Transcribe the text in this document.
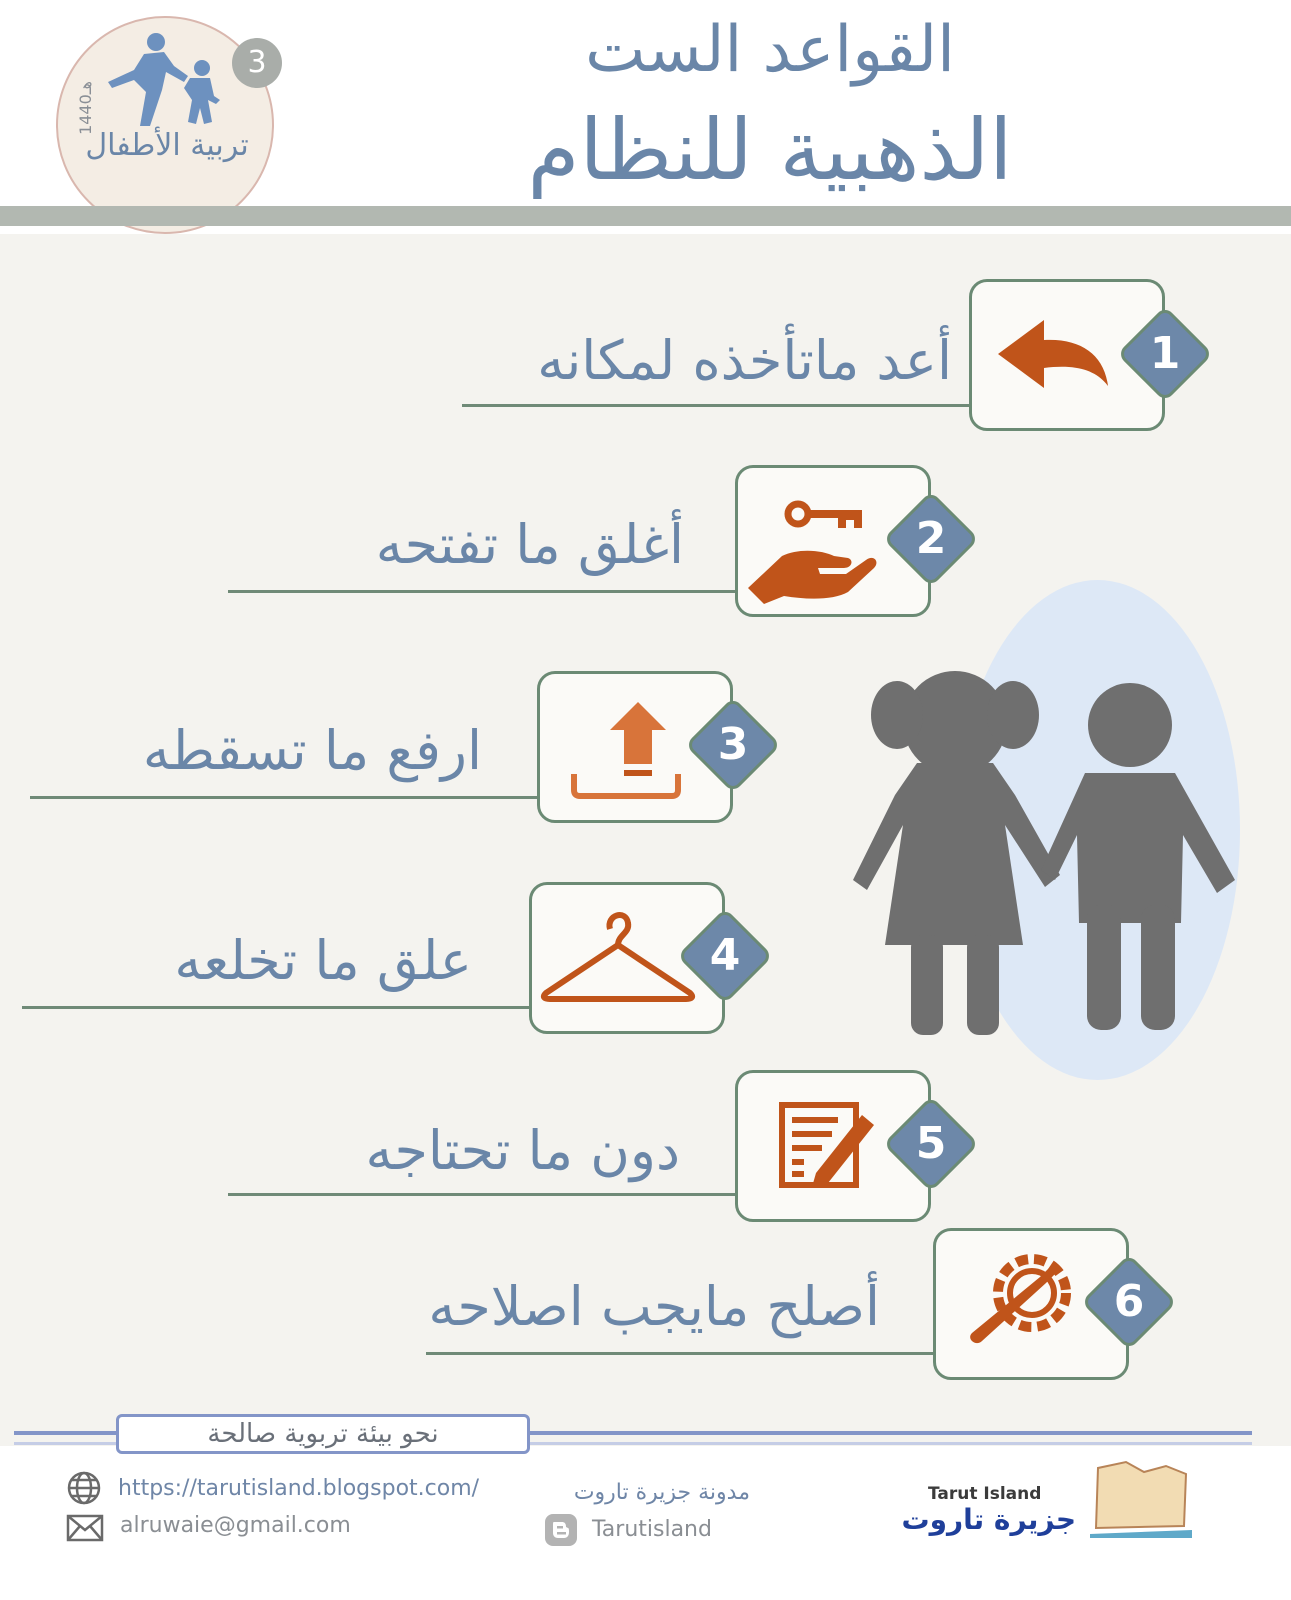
القواعد الست
الذهبية للنظام
تربية الأطفال
1440هـ
3
أعد ماتأخذه لمكانه	1
أغلق ما تفتحه	2
ارفع ما تسقطه	3
علق ما تخلعه	4
دون ما تحتاجه	5
أصلح مايجب اصلاحه	6
نحو بيئة تربوية صالحة
https://tarutisland.blogspot.com/
alruwaie@gmail.com
مدونة جزيرة تاروت
Tarutisland
Tarut Island
جزيرة تاروت
